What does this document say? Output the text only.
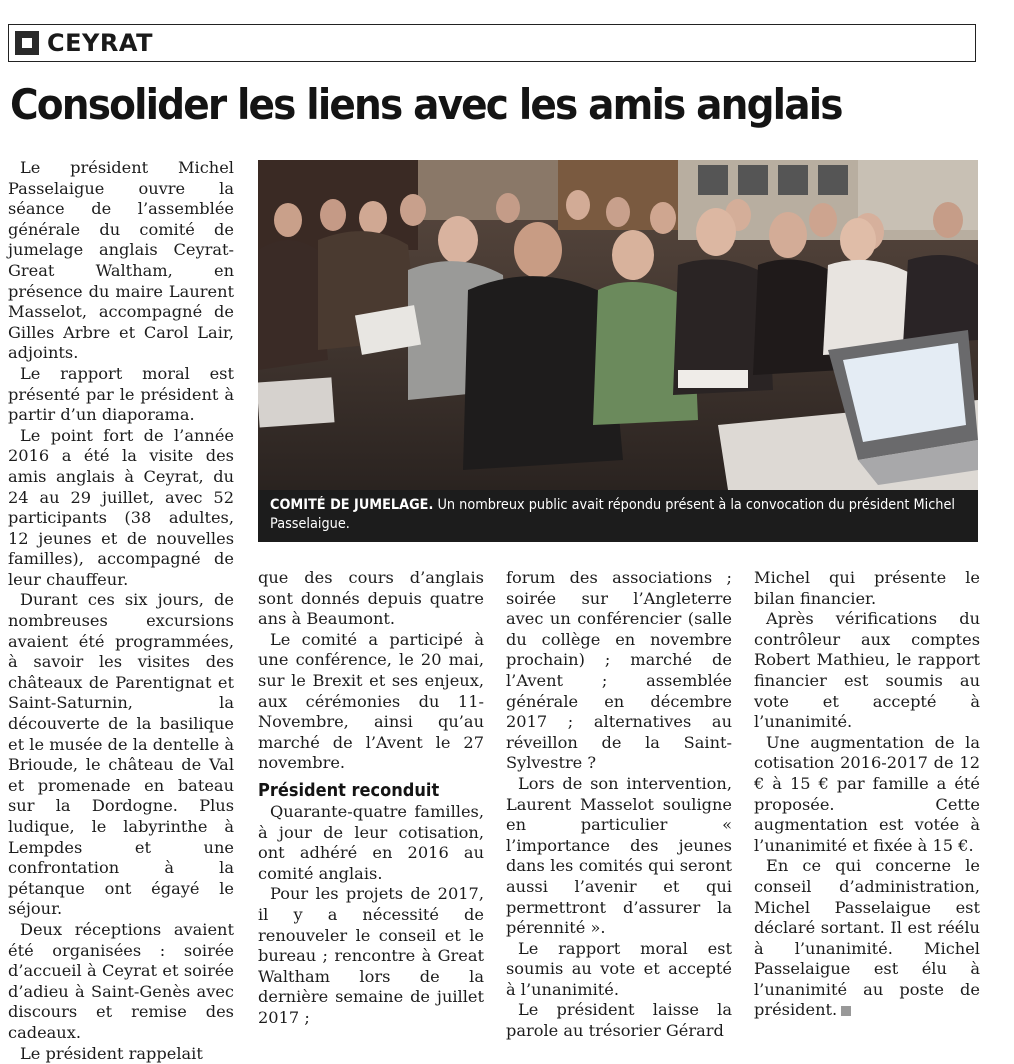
CEYRAT
Consolider les liens avec les amis anglais

Le président Michel Passelaigue ouvre la séance de l’assemblée générale du comité de jumelage anglais Ceyrat-Great Waltham, en présence du maire Laurent Masselot, accompagné de Gilles Arbre et Carol Lair, adjoints.

Le rapport moral est présenté par le président à partir d’un diaporama.

Le point fort de l’année 2016 a été la visite des amis anglais à Ceyrat, du 24 au 29 juillet, avec 52 participants (38 adultes, 12 jeunes et de nouvelles familles), accompagné de leur chauffeur.

Durant ces six jours, de nombreuses excursions avaient été programmées, à savoir les visites des châteaux de Parentignat et Saint-Saturnin, la découverte de la basilique et le musée de la dentelle à Brioude, le château de Val et promenade en bateau sur la Dordogne. Plus ludique, le labyrinthe à Lempdes et une confrontation à la pétanque ont égayé le séjour.

Deux réceptions avaient été organisées : soirée d’accueil à Ceyrat et soirée d’adieu à Saint-Genès avec discours et remise des cadeaux.

Le président rappelait

COMITÉ DE JUMELAGE. Un nombreux public avait répondu présent à la convocation du président Michel Passelaigue.

que des cours d’anglais sont donnés depuis quatre ans à Beaumont.

Le comité a participé à une conférence, le 20 mai, sur le Brexit et ses enjeux, aux cérémonies du 11-Novembre, ainsi qu’au marché de l’Avent le 27 novembre.

Président reconduit

Quarante-quatre familles, à jour de leur cotisation, ont adhéré en 2016 au comité anglais.

Pour les projets de 2017, il y a nécessité de renouveler le conseil et le bureau ; rencontre à Great Waltham lors de la dernière semaine de juillet 2017 ;

forum des associations ; soirée sur l’Angleterre avec un conférencier (salle du collège en novembre prochain) ; marché de l’Avent ; assemblée générale en décembre 2017 ; alternatives au réveillon de la Saint-Sylvestre ?

Lors de son intervention, Laurent Masselot souligne en particulier « l’importance des jeunes dans les comités qui seront aussi l’avenir et qui permettront d’assurer la pérennité ».

Le rapport moral est soumis au vote et accepté à l’unanimité.

Le président laisse la parole au trésorier Gérard

Michel qui présente le bilan financier.

Après vérifications du contrôleur aux comptes Robert Mathieu, le rapport financier est soumis au vote et accepté à l’unanimité.

Une augmentation de la cotisation 2016-2017 de 12 € à 15 € par famille a été proposée. Cette augmentation est votée à l’unanimité et fixée à 15 €.

En ce qui concerne le conseil d’administration, Michel Passelaigue est déclaré sortant. Il est réélu à l’unanimité. Michel Passelaigue est élu à l’unanimité au poste de président.
